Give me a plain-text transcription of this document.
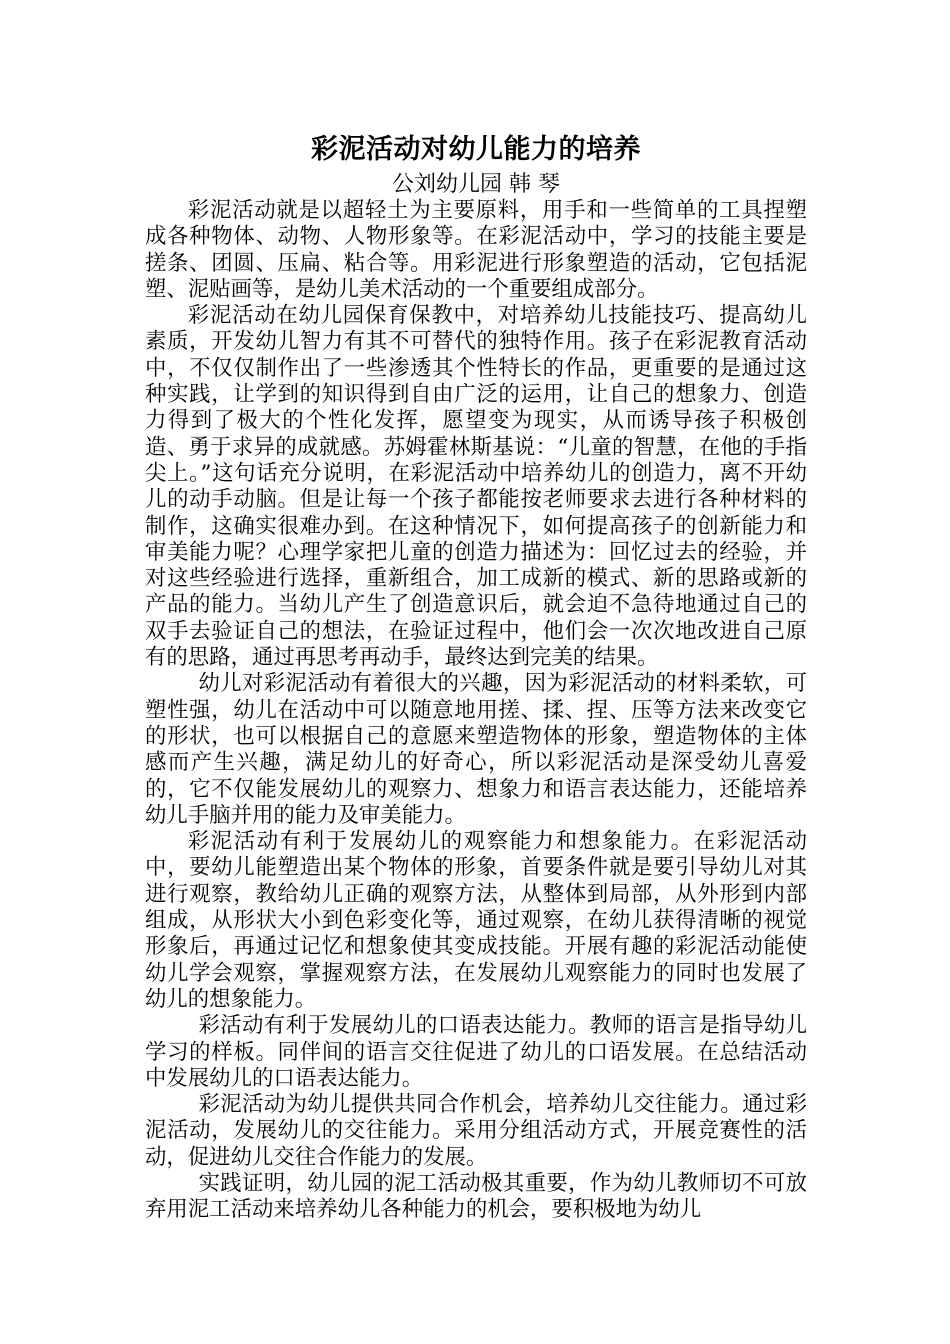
彩泥活动对幼儿能力的培养

公刘幼儿园 韩 琴

彩泥活动就是以超轻土为主要原料，用手和一些简单的工具捏塑成各种物体、动物、人物形象等。在彩泥活动中，学习的技能主要是搓条、团圆、压扁、粘合等。用彩泥进行形象塑造的活动，它包括泥塑、泥贴画等，是幼儿美术活动的一个重要组成部分。

彩泥活动在幼儿园保育保教中，对培养幼儿技能技巧、提高幼儿素质，开发幼儿智力有其不可替代的独特作用。孩子在彩泥教育活动中，不仅仅制作出了一些渗透其个性特长的作品，更重要的是通过这种实践，让学到的知识得到自由广泛的运用，让自己的想象力、创造力得到了极大的个性化发挥，愿望变为现实，从而诱导孩子积极创造、勇于求异的成就感。苏姆霍林斯基说：“儿童的智慧，在他的手指尖上。”这句话充分说明，在彩泥活动中培养幼儿的创造力，离不开幼儿的动手动脑。但是让每一个孩子都能按老师要求去进行各种材料的制作，这确实很难办到。在这种情况下，如何提高孩子的创新能力和审美能力呢？心理学家把儿童的创造力描述为：回忆过去的经验，并对这些经验进行选择，重新组合，加工成新的模式、新的思路或新的产品的能力。当幼儿产生了创造意识后，就会迫不急待地通过自己的双手去验证自己的想法，在验证过程中，他们会一次次地改进自己原有的思路，通过再思考再动手，最终达到完美的结果。

幼儿对彩泥活动有着很大的兴趣，因为彩泥活动的材料柔软，可塑性强，幼儿在活动中可以随意地用搓、揉、捏、压等方法来改变它的形状，也可以根据自己的意愿来塑造物体的形象，塑造物体的主体感而产生兴趣，满足幼儿的好奇心，所以彩泥活动是深受幼儿喜爱的，它不仅能发展幼儿的观察力、想象力和语言表达能力，还能培养幼儿手脑并用的能力及审美能力。

彩泥活动有利于发展幼儿的观察能力和想象能力。在彩泥活动中，要幼儿能塑造出某个物体的形象，首要条件就是要引导幼儿对其进行观察，教给幼儿正确的观察方法，从整体到局部，从外形到内部组成，从形状大小到色彩变化等，通过观察，在幼儿获得清晰的视觉形象后，再通过记忆和想象使其变成技能。开展有趣的彩泥活动能使幼儿学会观察，掌握观察方法，在发展幼儿观察能力的同时也发展了幼儿的想象能力。

彩活动有利于发展幼儿的口语表达能力。教师的语言是指导幼儿学习的样板。同伴间的语言交往促进了幼儿的口语发展。在总结活动中发展幼儿的口语表达能力。

彩泥活动为幼儿提供共同合作机会，培养幼儿交往能力。通过彩泥活动，发展幼儿的交往能力。采用分组活动方式，开展竞赛性的活动，促进幼儿交往合作能力的发展。

实践证明，幼儿园的泥工活动极其重要，作为幼儿教师切不可放弃用泥工活动来培养幼儿各种能力的机会，要积极地为幼儿
